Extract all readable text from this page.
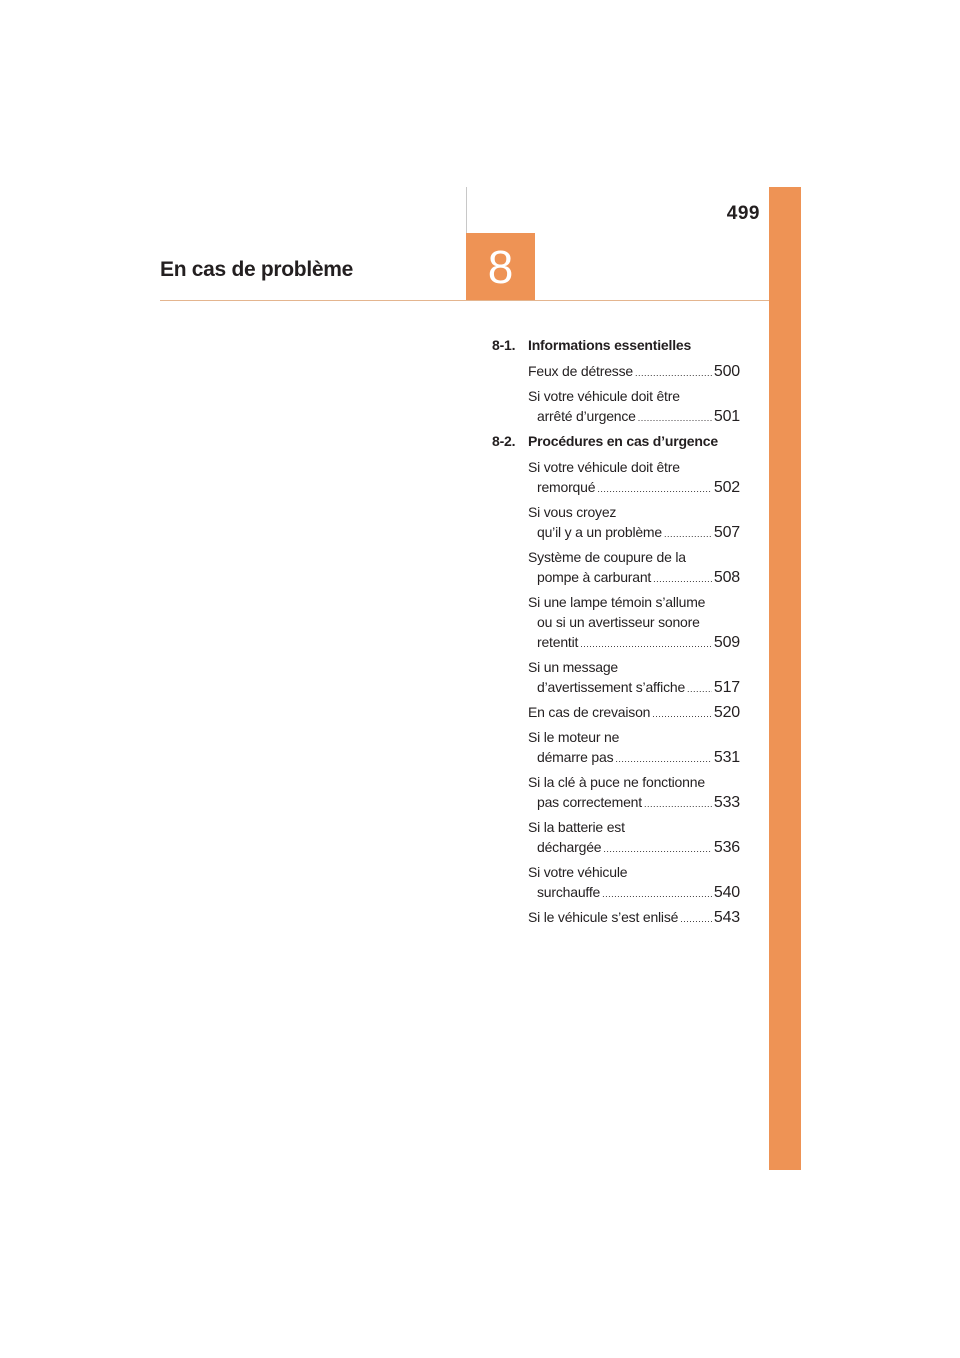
499
En cas de problème	8
8-1. Informations essentielles
Feux de détresse .....	500
Si votre véhicule doit être
arrêté d’urgence .....	501
8-2. Procédures en cas d’urgence
Si votre véhicule doit être
remorqué .....	502
Si vous croyez
qu’il y a un problème .....	507
Système de coupure de la
pompe à carburant .....	508
Si une lampe témoin s’allume
ou si un avertisseur sonore
retentit .....	509
Si un message
d’avertissement s’affiche ..... 517
En cas de crevaison .....	520
Si le moteur ne
démarre pas .....	531
Si la clé à puce ne fonctionne
pas correctement .....	533
Si la batterie est
déchargée .....	536
Si votre véhicule
surchauffe .....	540
Si le véhicule s’est enlisé ..... 543
